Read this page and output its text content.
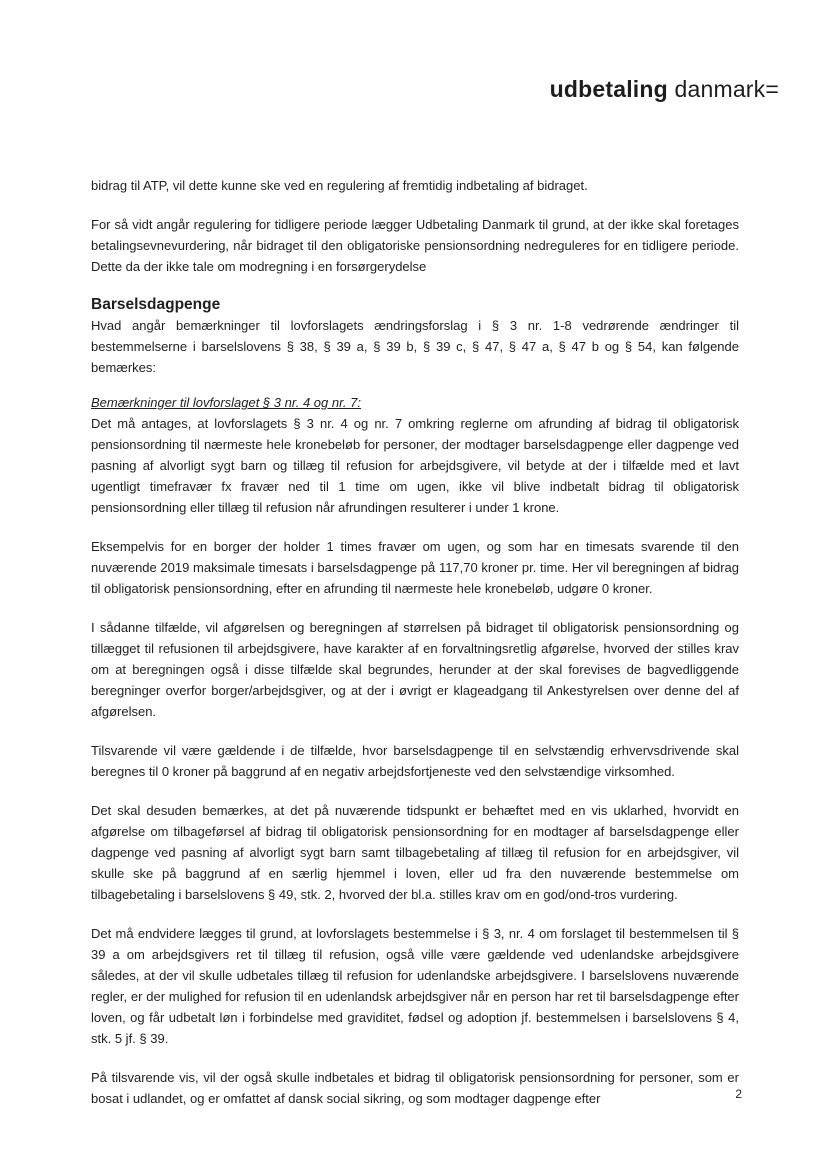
udbetaling danmark=

bidrag til ATP, vil dette kunne ske ved en regulering af fremtidig indbetaling af bidraget.

For så vidt angår regulering for tidligere periode lægger Udbetaling Danmark til grund, at der ikke skal foretages betalingsevnevurdering, når bidraget til den obligatoriske pensionsordning nedreguleres for en tidligere periode. Dette da der ikke tale om modregning i en forsørgerydelse

Barselsdagpenge

Hvad angår bemærkninger til lovforslagets ændringsforslag i § 3 nr. 1-8 vedrørende ændringer til bestemmelserne i barselslovens § 38, § 39 a, § 39 b, § 39 c, § 47, § 47 a, § 47 b og § 54, kan følgende bemærkes:

Bemærkninger til lovforslaget § 3 nr. 4 og nr. 7:

Det må antages, at lovforslagets § 3 nr. 4 og nr. 7 omkring reglerne om afrunding af bidrag til obligatorisk pensionsordning til nærmeste hele kronebeløb for personer, der modtager barselsdagpenge eller dagpenge ved pasning af alvorligt sygt barn og tillæg til refusion for arbejdsgivere, vil betyde at der i tilfælde med et lavt ugentligt timefravær fx fravær ned til 1 time om ugen, ikke vil blive indbetalt bidrag til obligatorisk pensionsordning eller tillæg til refusion når afrundingen resulterer i under 1 krone.

Eksempelvis for en borger der holder 1 times fravær om ugen, og som har en timesats svarende til den nuværende 2019 maksimale timesats i barselsdagpenge på 117,70 kroner pr. time. Her vil beregningen af bidrag til obligatorisk pensionsordning, efter en afrunding til nærmeste hele kronebeløb, udgøre 0 kroner.

I sådanne tilfælde, vil afgørelsen og beregningen af størrelsen på bidraget til obligatorisk pensionsordning og tillægget til refusionen til arbejdsgivere, have karakter af en forvaltningsretlig afgørelse, hvorved der stilles krav om at beregningen også i disse tilfælde skal begrundes, herunder at der skal forevises de bagvedliggende beregninger overfor borger/arbejdsgiver, og at der i øvrigt er klageadgang til Ankestyrelsen over denne del af afgørelsen.

Tilsvarende vil være gældende i de tilfælde, hvor barselsdagpenge til en selvstændig erhvervsdrivende skal beregnes til 0 kroner på baggrund af en negativ arbejdsfortjeneste ved den selvstændige virksomhed.

Det skal desuden bemærkes, at det på nuværende tidspunkt er behæftet med en vis uklarhed, hvorvidt en afgørelse om tilbageførsel af bidrag til obligatorisk pensionsordning for en modtager af barselsdagpenge eller dagpenge ved pasning af alvorligt sygt barn samt tilbagebetaling af tillæg til refusion for en arbejdsgiver, vil skulle ske på baggrund af en særlig hjemmel i loven, eller ud fra den nuværende bestemmelse om tilbagebetaling i barselslovens § 49, stk. 2, hvorved der bl.a. stilles krav om en god/ond-tros vurdering.

Det må endvidere lægges til grund, at lovforslagets bestemmelse i § 3, nr. 4 om forslaget til bestemmelsen til § 39 a om arbejdsgivers ret til tillæg til refusion, også ville være gældende ved udenlandske arbejdsgivere således, at der vil skulle udbetales tillæg til refusion for udenlandske arbejdsgivere. I barselslovens nuværende regler, er der mulighed for refusion til en udenlandsk arbejdsgiver når en person har ret til barselsdagpenge efter loven, og får udbetalt løn i forbindelse med graviditet, fødsel og adoption jf. bestemmelsen i barselslovens § 4, stk. 5 jf. § 39.

På tilsvarende vis, vil der også skulle indbetales et bidrag til obligatorisk pensionsordning for personer, som er bosat i udlandet, og er omfattet af dansk social sikring, og som modtager dagpenge efter	2
